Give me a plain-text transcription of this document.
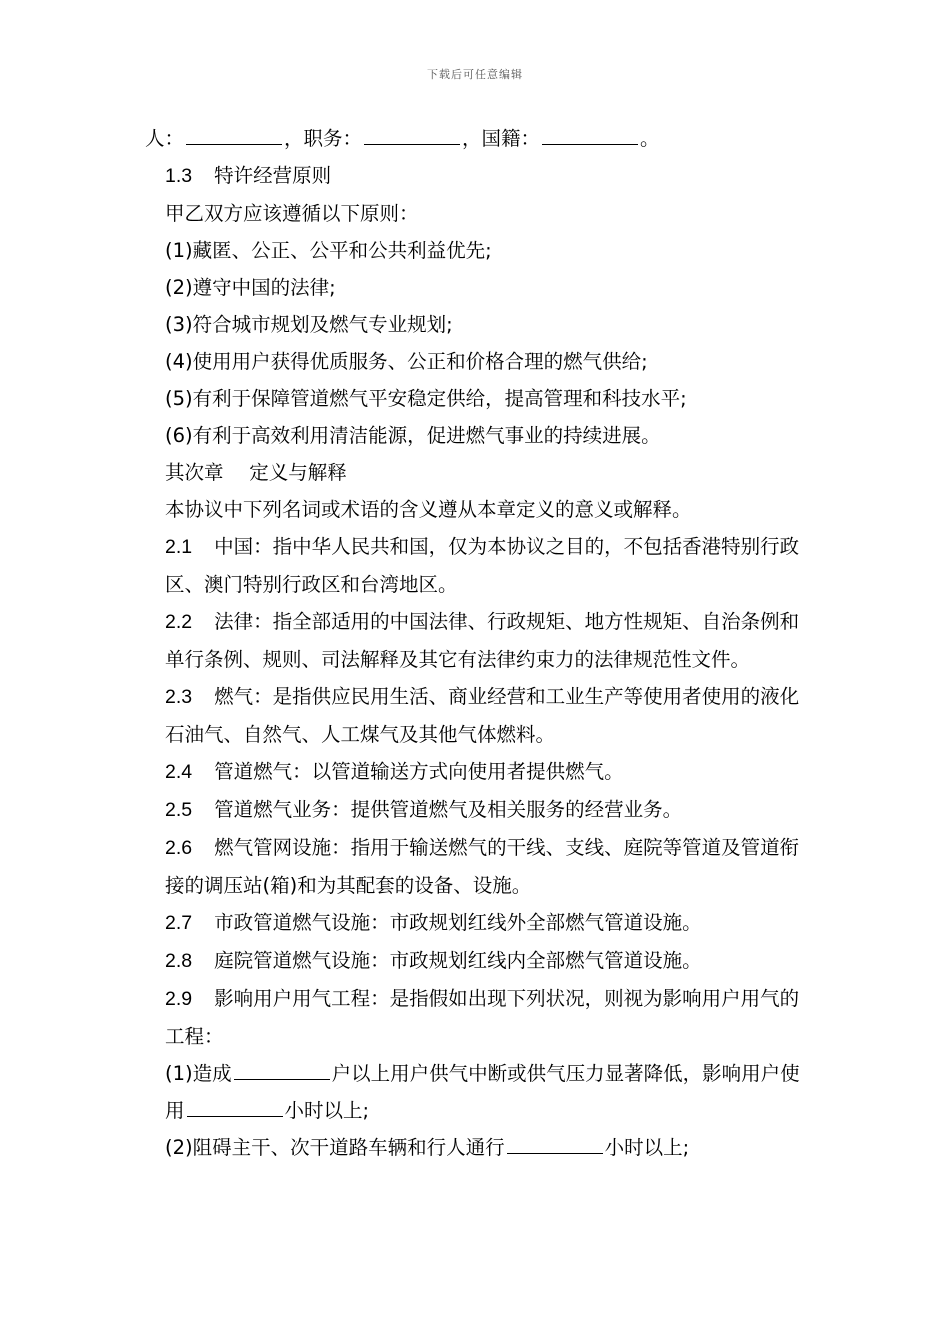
下载后可任意编辑

人：	，职务：	，国籍：	。

1.3 特许经营原则

甲乙双方应该遵循以下原则：

(1)藏匿、公正、公平和公共利益优先;

(2)遵守中国的法律;

(3)符合城市规划及燃气专业规划;

(4)使用用户获得优质服务、公正和价格合理的燃气供给;

(5)有利于保障管道燃气平安稳定供给，提高管理和科技水平;

(6)有利于高效利用清洁能源，促进燃气事业的持续进展。

其次章　 定义与解释

本协议中下列名词或术语的含义遵从本章定义的意义或解释。

2.1 中国：指中华人民共和国，仅为本协议之目的，不包括香港特别行政区、澳门特别行政区和台湾地区。

2.2 法律：指全部适用的中国法律、行政规矩、地方性规矩、自治条例和单行条例、规则、司法解释及其它有法律约束力的法律规范性文件。

2.3 燃气：是指供应民用生活、商业经营和工业生产等使用者使用的液化石油气、自然气、人工煤气及其他气体燃料。

2.4 管道燃气：以管道输送方式向使用者提供燃气。

2.5 管道燃气业务：提供管道燃气及相关服务的经营业务。

2.6 燃气管网设施：指用于输送燃气的干线、支线、庭院等管道及管道衔接的调压站(箱)和为其配套的设备、设施。

2.7 市政管道燃气设施：市政规划红线外全部燃气管道设施。

2.8 庭院管道燃气设施：市政规划红线内全部燃气管道设施。

2.9 影响用户用气工程：是指假如出现下列状况，则视为影响用户用气的工程：

(1)造成	户以上用户供气中断或供气压力显著降低，影响用户使用	小时以上;

(2)阻碍主干、次干道路车辆和行人通行	小时以上;
